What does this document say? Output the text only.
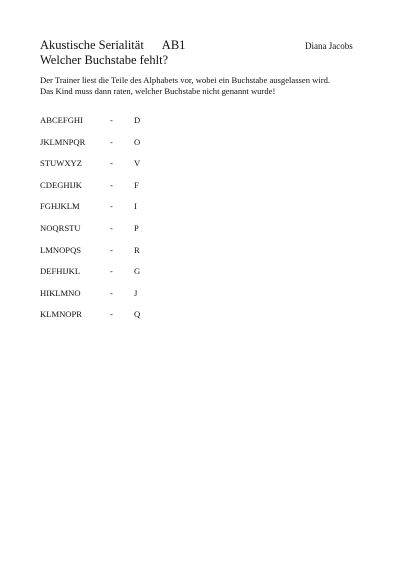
Akustische Serialität AB1	Diana Jacobs
Welcher Buchstabe fehlt?
Der Trainer liest die Teile des Alphabets vor, wobei ein Buchstabe ausgelassen wird.
Das Kind muss dann raten, welcher Buchstabe nicht genannt wurde!
ABCEFGHI	- D
JKLMNPQR	- O
STUWXYZ	- V
CDEGHIJK	- F
FGHJKLM	- I
NOQRSTU	- P
LMNOPQS	- R
DEFHIJKL	- G
HIKLMNO	- J
KLMNOPR	- Q
